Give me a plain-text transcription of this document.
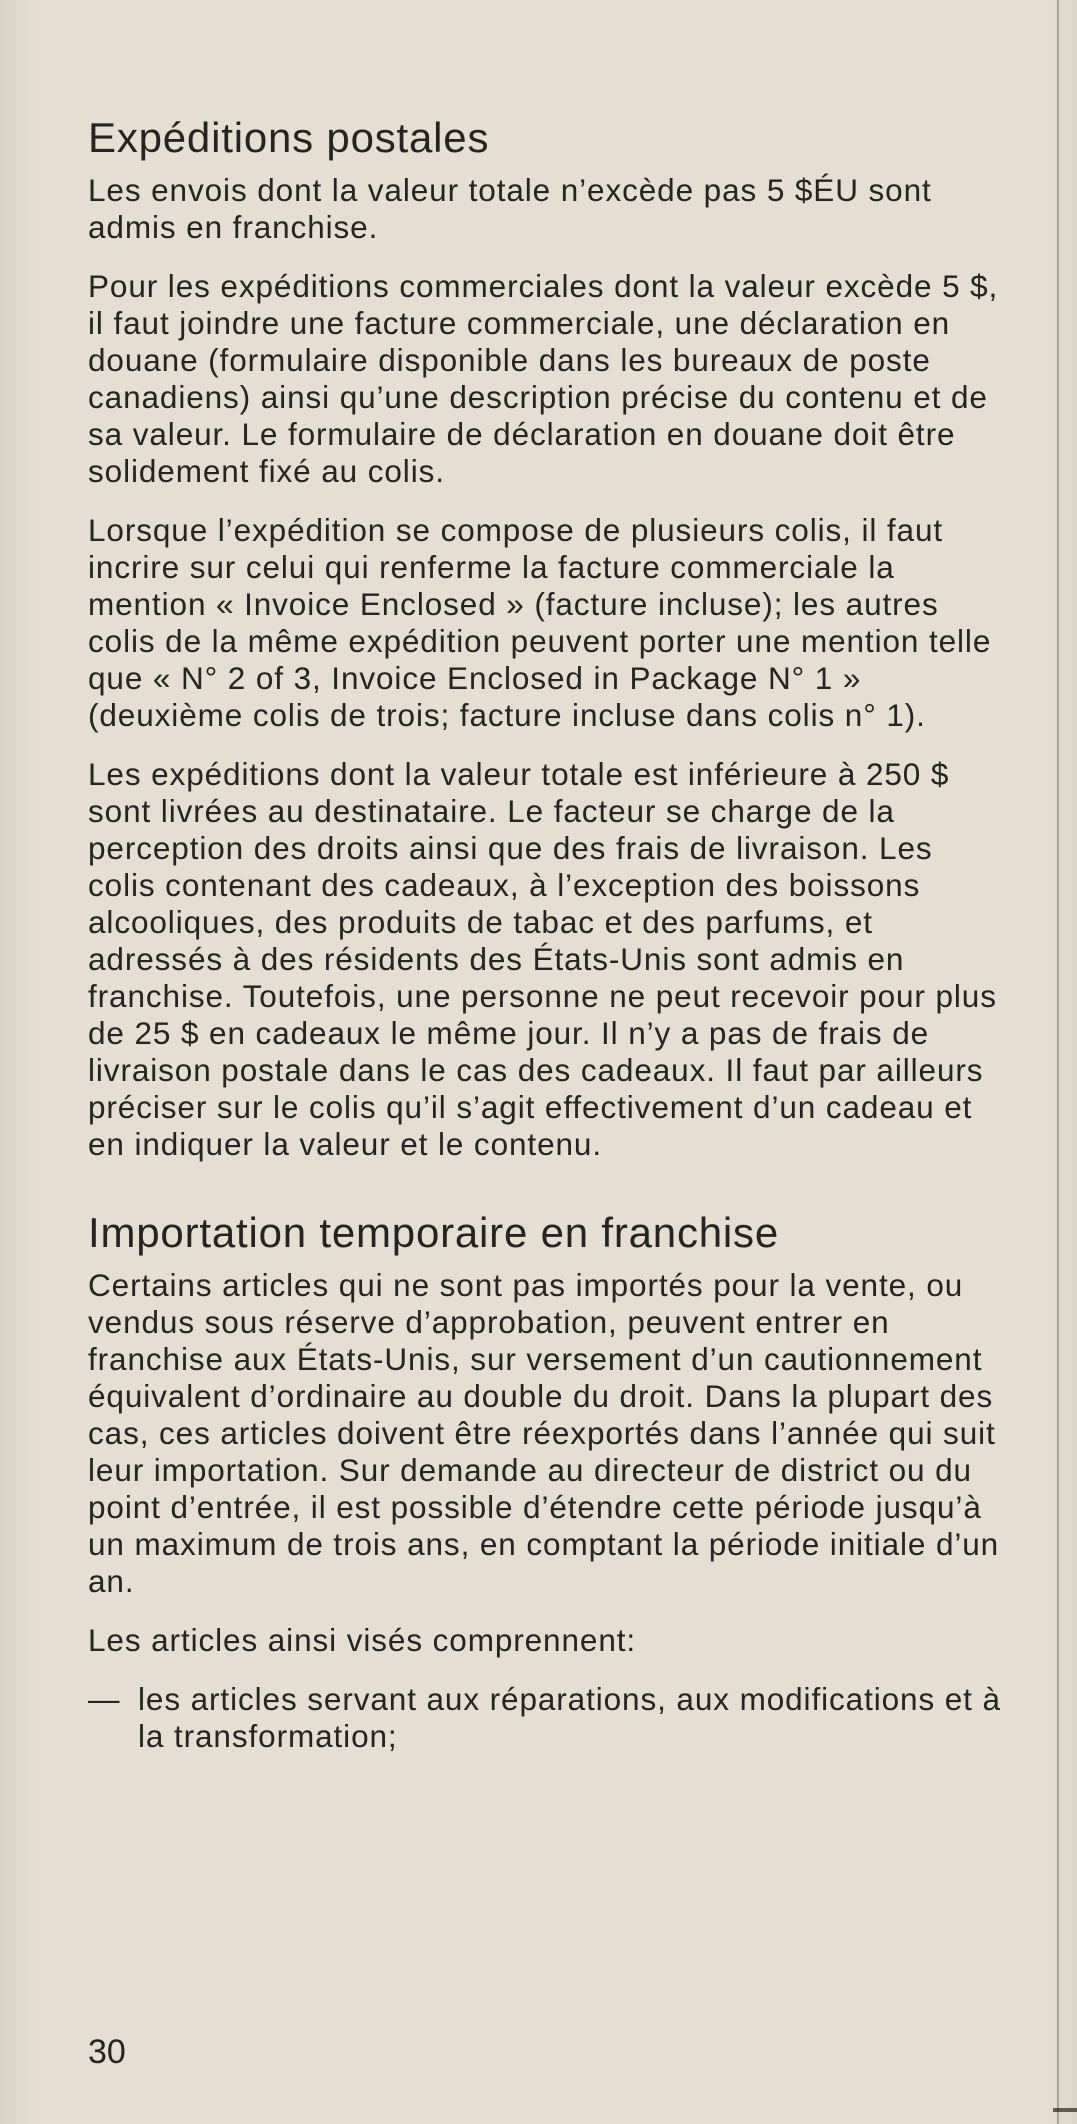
Expéditions postales

Les envois dont la valeur totale n’excède pas 5 $ÉU sont admis en franchise.

Pour les expéditions commerciales dont la valeur excède 5 $, il faut joindre une facture commerciale, une déclaration en douane (formulaire disponible dans les bureaux de poste canadiens) ainsi qu’une description précise du contenu et de sa valeur. Le formulaire de déclaration en douane doit être solidement fixé au colis.

Lorsque l’expédition se compose de plusieurs colis, il faut incrire sur celui qui renferme la facture commerciale la mention « Invoice Enclosed » (facture incluse); les autres colis de la même expédition peuvent porter une mention telle que « N° 2 of 3, Invoice Enclosed in Package N° 1 » (deuxième colis de trois; facture incluse dans colis n° 1).

Les expéditions dont la valeur totale est inférieure à 250 $ sont livrées au destinataire. Le facteur se charge de la perception des droits ainsi que des frais de livraison. Les colis contenant des cadeaux, à l’exception des boissons alcooliques, des produits de tabac et des parfums, et adressés à des résidents des États-Unis sont admis en franchise. Toutefois, une personne ne peut recevoir pour plus de 25 $ en cadeaux le même jour. Il n’y a pas de frais de livraison postale dans le cas des cadeaux. Il faut par ailleurs préciser sur le colis qu’il s’agit effectivement d’un cadeau et en indiquer la valeur et le contenu.

Importation temporaire en franchise

Certains articles qui ne sont pas importés pour la vente, ou vendus sous réserve d’approbation, peuvent entrer en franchise aux États-Unis, sur versement d’un cautionnement équivalent d’ordinaire au double du droit. Dans la plupart des cas, ces articles doivent être réexportés dans l’année qui suit leur importation. Sur demande au directeur de district ou du point d’entrée, il est possible d’étendre cette période jusqu’à un maximum de trois ans, en comptant la période initiale d’un an.

Les articles ainsi visés comprennent:

— les articles servant aux réparations, aux modifications et à la transformation;
30
